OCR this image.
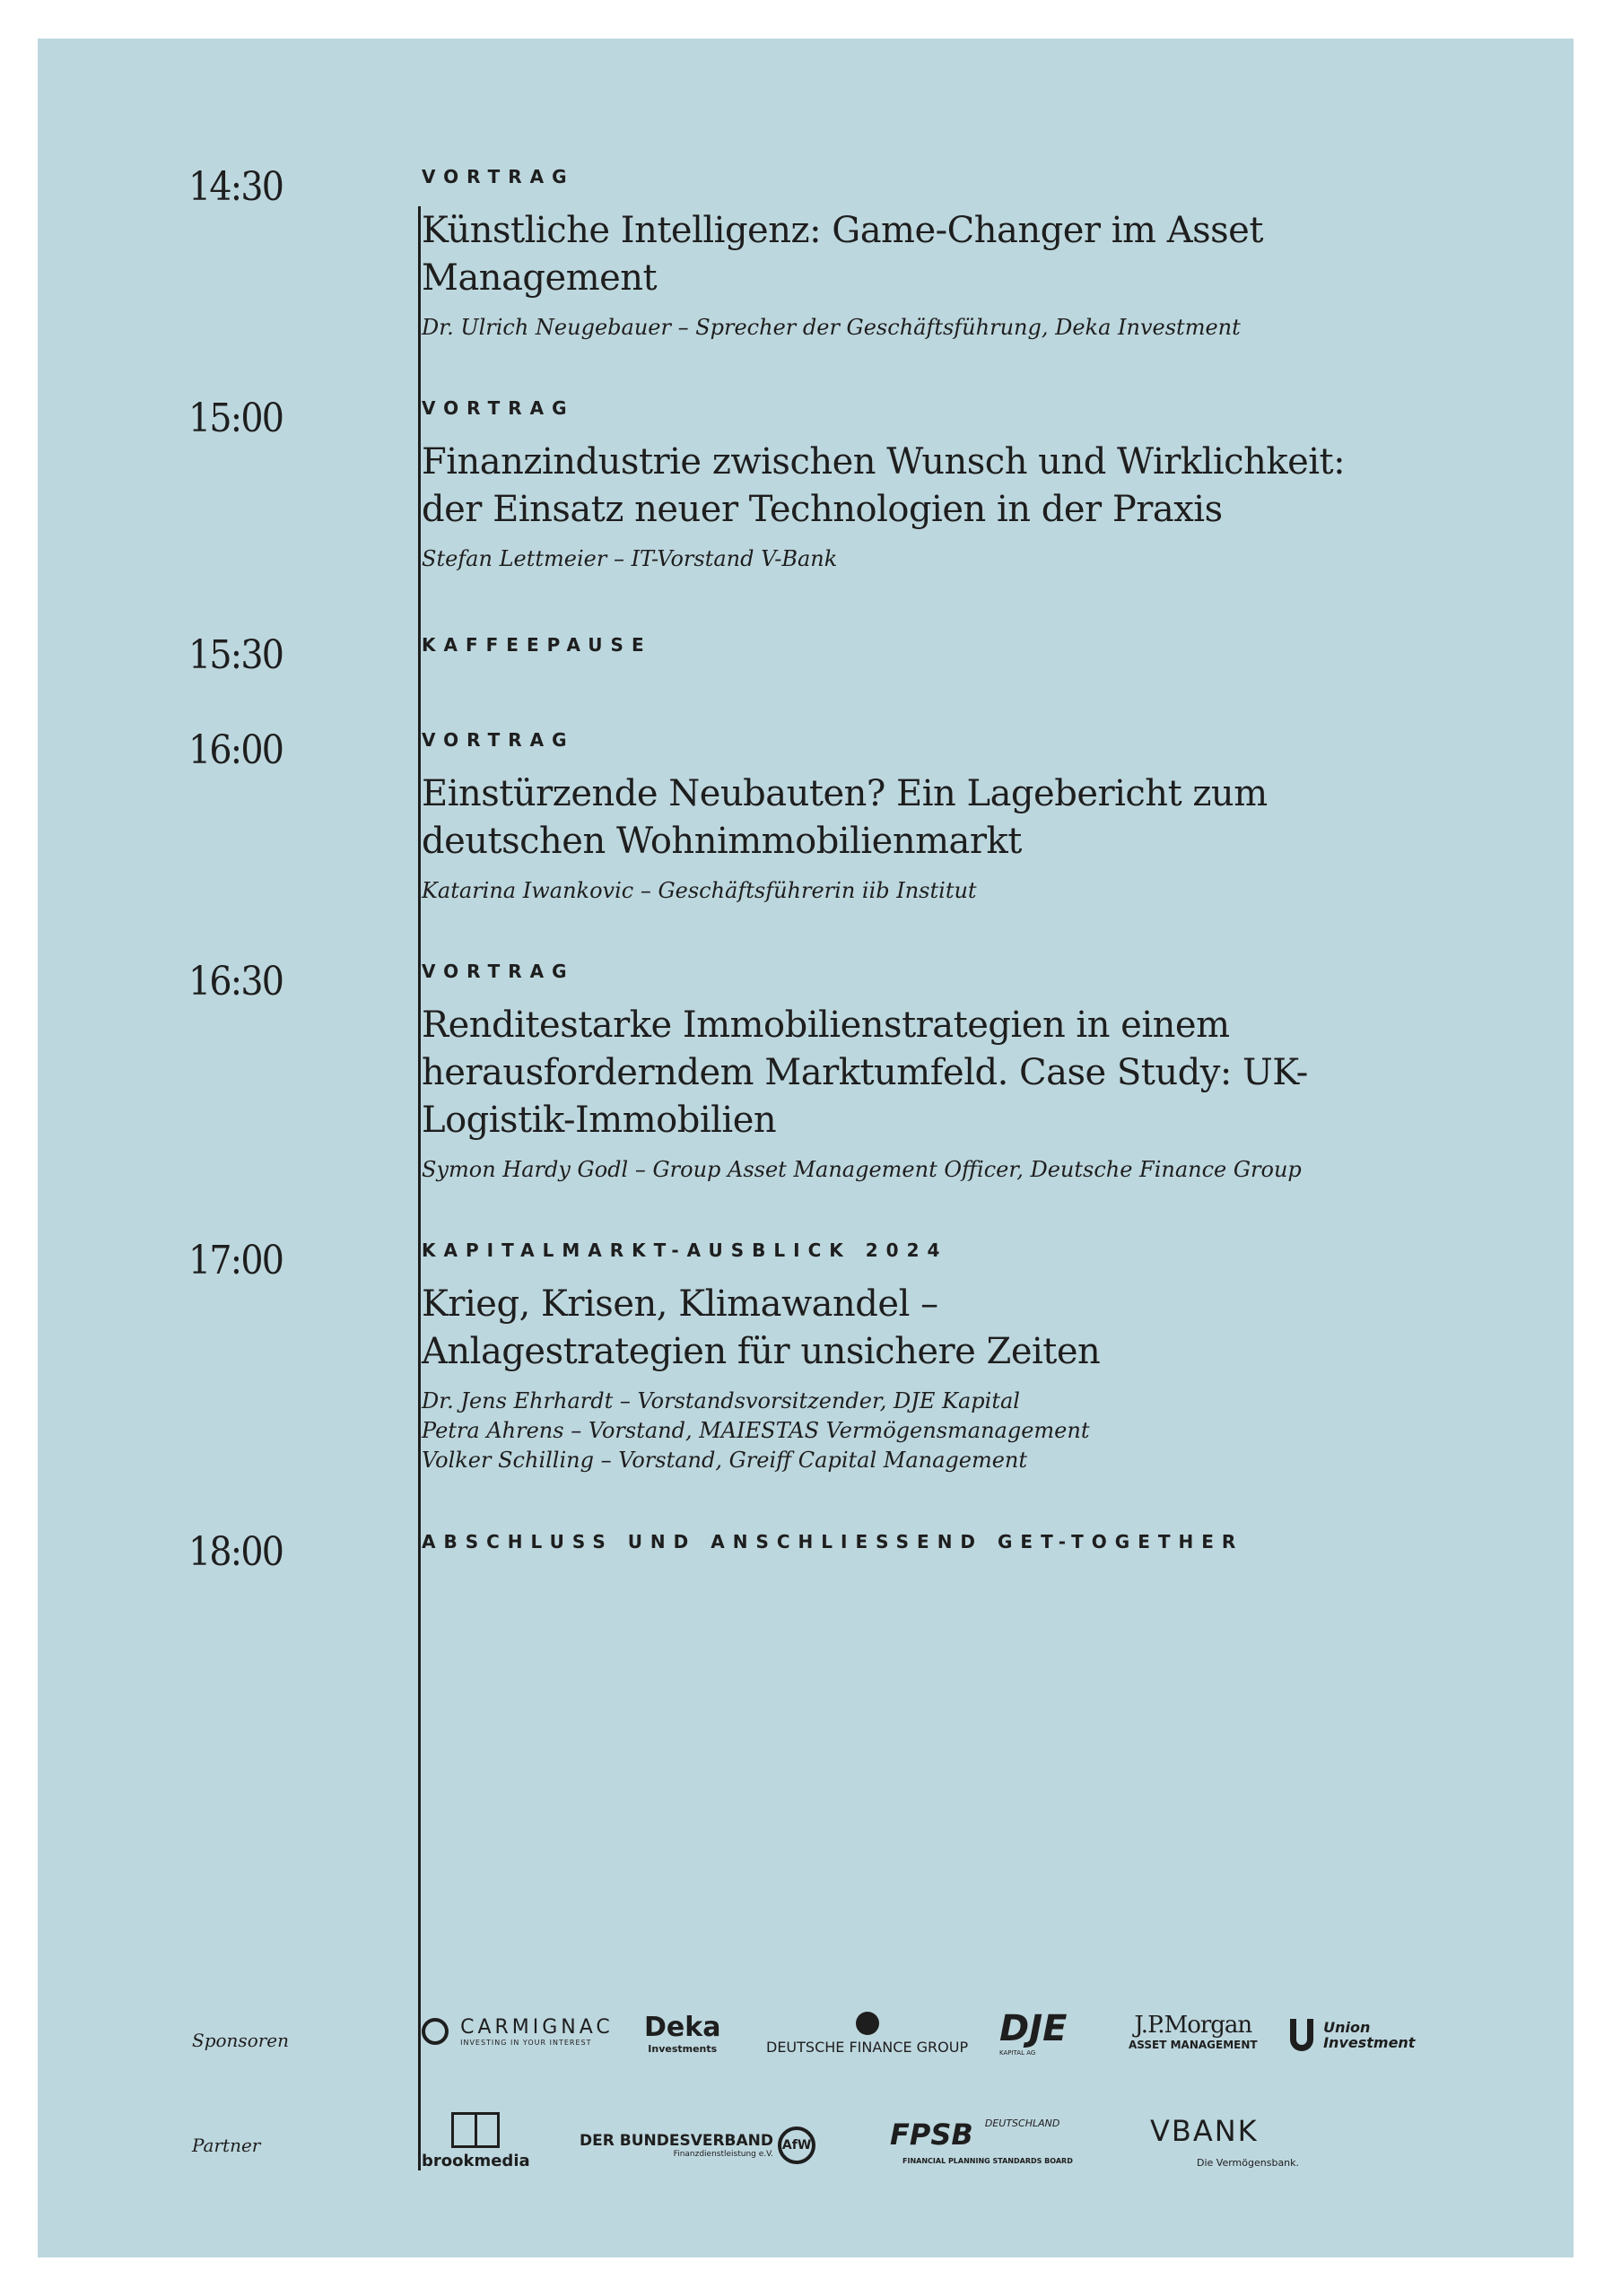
14:30	VORTRAG
Künstliche Intelligenz: Game-Changer im Asset Management
Dr. Ulrich Neugebauer – Sprecher der Geschäftsführung, Deka Investment
15:00	VORTRAG
Finanzindustrie zwischen Wunsch und Wirklichkeit: der Einsatz neuer Technologien in der Praxis
Stefan Lettmeier – IT-Vorstand V-Bank
15:30	KAFFEEPAUSE
16:00	VORTRAG
Einstürzende Neubauten? Ein Lagebericht zum deutschen Wohnimmobilienmarkt
Katarina Iwankovic – Geschäftsführerin iib Institut
16:30	VORTRAG
Renditestarke Immobilienstrategien in einem herausforderndem Marktumfeld. Case Study: UK-Logistik-Immobilien
Symon Hardy Godl – Group Asset Management Officer, Deutsche Finance Group
17:00	KAPITALMARKT-AUSBLICK 2024
Krieg, Krisen, Klimawandel – Anlagestrategien für unsichere Zeiten
Dr. Jens Ehrhardt – Vorstandsvorsitzender, DJE Kapital
Petra Ahrens – Vorstand, MAIESTAS Vermögensmanagement
Volker Schilling – Vorstand, Greiff Capital Management
18:00	ABSCHLUSS UND ANSCHLIESSEND GET-TOGETHER
Sponsoren

CARMIGNAC
INVESTING IN YOUR INTEREST	Deka
Investments	DEUTSCHE FINANCE GROUP DJE
KAPITAL AG
J.P.Morgan
ASSET MANAGEMENT

Union
Investment
Partner
brookmedia
DER BUNDESVERBAND
Finanzdienstleistung e.V.
AfW	FPSB $^{DEUTSCHLAND}$
FINANCIAL PLANNING STANDARDS BOARD
VBANK
Die Vermögensbank.
